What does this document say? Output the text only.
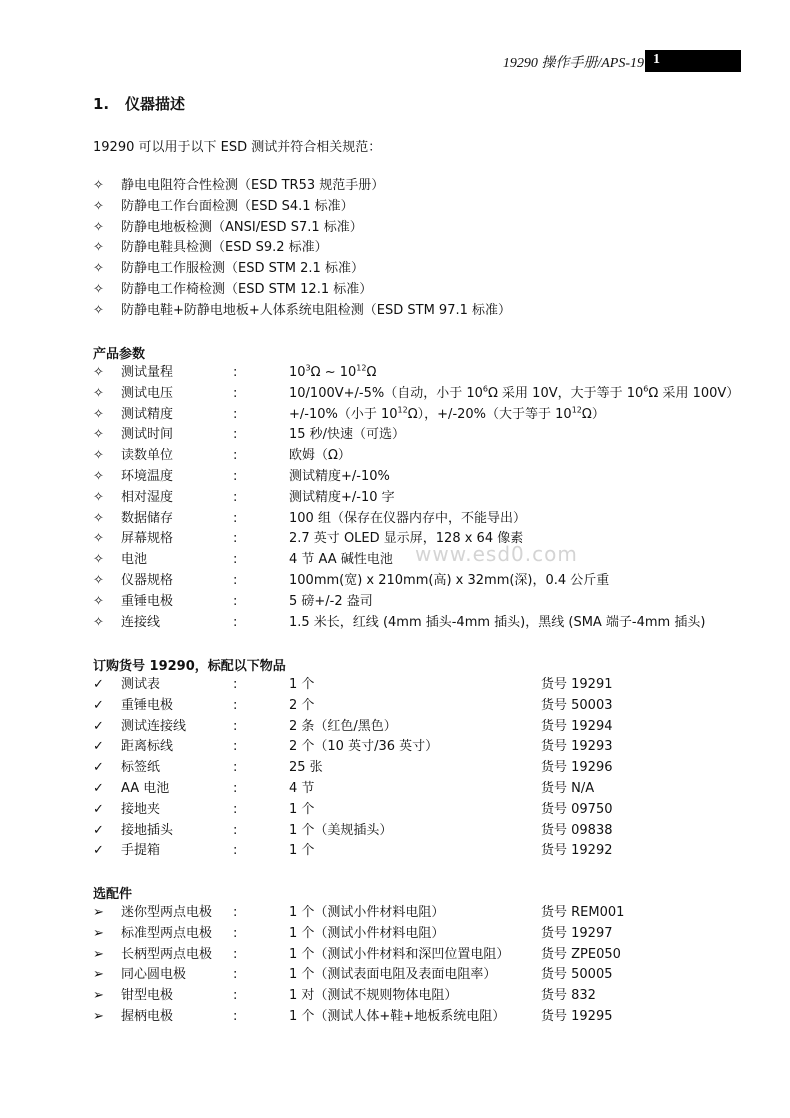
19290 操作手册/APS-19 1
1. 仪器描述
19290 可以用于以下 ESD 测试并符合相关规范：
✧	静电电阻符合性检测（ESD TR53 规范手册）
✧	防静电工作台面检测（ESD S4.1 标准）
✧	防静电地板检测（ANSI/ESD S7.1 标准）
✧	防静电鞋具检测（ESD S9.2 标准）
✧	防静电工作服检测（ESD STM 2.1 标准）
✧	防静电工作椅检测（ESD STM 12.1 标准）
✧	防静电鞋+防静电地板+人体系统电阻检测（ESD STM 97.1 标准）
产品参数
✧	测试量程	:	$10^3\Omega$ ~ $10^{12}\Omega$
✧	测试电压	:	10/100V+/-5%（自动，小于 $10^6\Omega$ 采用 10V，大于等于 $10^6\Omega$ 采用 100V）
✧	测试精度	:	+/-10%（小于 $10^{12}\Omega$），+/-20%（大于等于 $10^{12}\Omega$）
✧	测试时间	:	15 秒/快速（可选）
✧	读数单位	:	欧姆（Ω）
✧	环境温度	:	测试精度+/-10%
✧	相对湿度	:	测试精度+/-10 字
✧	数据储存	:	100 组（保存在仪器内存中，不能导出）
✧	屏幕规格	:	2.7 英寸 OLED 显示屏，128 x 64 像素
✧	电池	:	4 节 AA 碱性电池
✧	仪器规格	:	100mm(宽) x 210mm(高) x 32mm(深)，0.4 公斤重
✧	重锤电极	:	5 磅+/-2 盎司
✧	连接线	:	1.5 米长，红线 (4mm 插头-4mm 插头)，黑线 (SMA 端子-4mm 插头)
订购货号 19290，标配以下物品
✓	测试表	:	1 个	货号 19291
✓	重锤电极	:	2 个	货号 50003
✓	测试连接线	:	2 条（红色/黑色）	货号 19294
✓	距离标线	:	2 个（10 英寸/36 英寸）	货号 19293
✓	标签纸	:	25 张	货号 19296
✓	AA 电池	:	4 节	货号 N/A
✓	接地夹	:	1 个	货号 09750
✓	接地插头	:	1 个（美规插头）	货号 09838
✓	手提箱	:	1 个	货号 19292
选配件
➢	迷你型两点电极 :	1 个（测试小件材料电阻）	货号 REM001
➢	标准型两点电极 :	1 个（测试小件材料电阻）	货号 19297
➢	长柄型两点电极 :	1 个（测试小件材料和深凹位置电阻） 货号 ZPE050
➢	同心圆电极	:	1 个（测试表面电阻及表面电阻率）	货号 50005
➢	钳型电极	:	1 对（测试不规则物体电阻）	货号 832
➢	握柄电极	:	1 个（测试人体+鞋+地板系统电阻）	货号 19295
www.esd0.com
